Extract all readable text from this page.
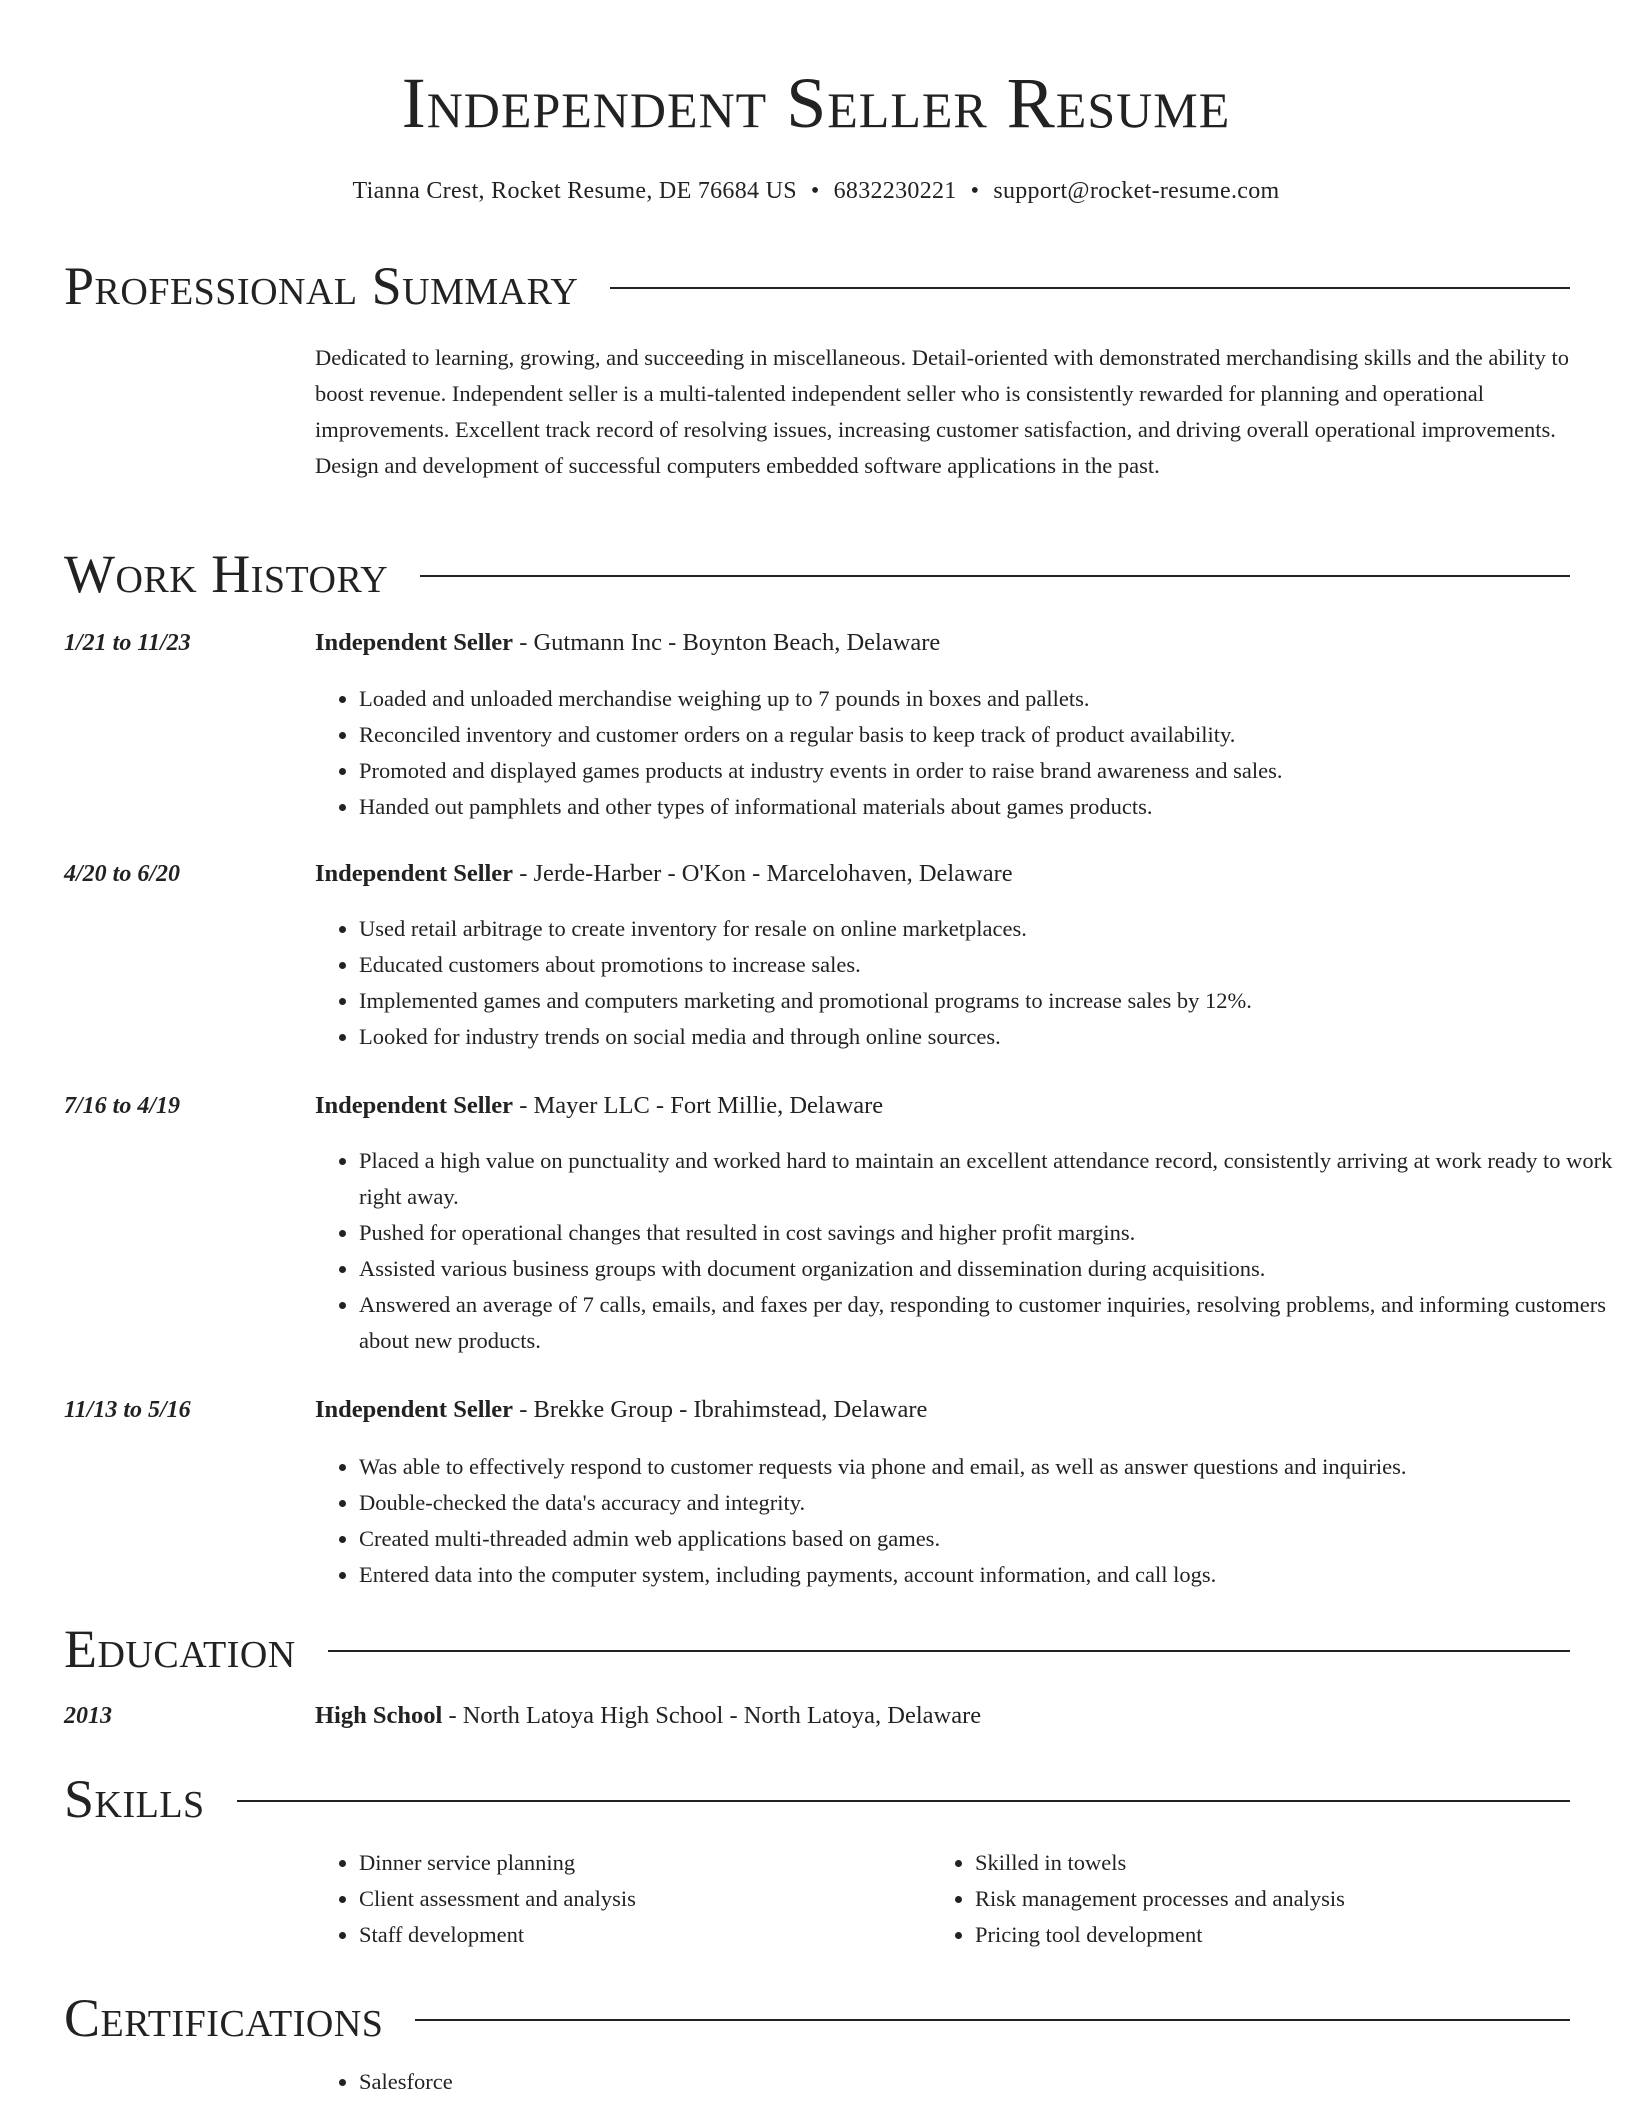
Independent Seller Resume
Tianna Crest, Rocket Resume, DE 76684 US • 6832230221 • support@rocket-resume.com
Professional Summary
Dedicated to learning, growing, and succeeding in miscellaneous. Detail-oriented with demonstrated merchandising skills and the ability to boost revenue. Independent seller is a multi-talented independent seller who is consistently rewarded for planning and operational improvements. Excellent track record of resolving issues, increasing customer satisfaction, and driving overall operational improvements. Design and development of successful computers embedded software applications in the past.
Work History
1/21 to 11/23	Independent Seller - Gutmann Inc - Boynton Beach, Delaware
• Loaded and unloaded merchandise weighing up to 7 pounds in boxes and pallets.
• Reconciled inventory and customer orders on a regular basis to keep track of product availability.
• Promoted and displayed games products at industry events in order to raise brand awareness and sales.
• Handed out pamphlets and other types of informational materials about games products.
4/20 to 6/20	Independent Seller - Jerde-Harber - O'Kon - Marcelohaven, Delaware
• Used retail arbitrage to create inventory for resale on online marketplaces.
• Educated customers about promotions to increase sales.
• Implemented games and computers marketing and promotional programs to increase sales by 12%.
• Looked for industry trends on social media and through online sources.
7/16 to 4/19	Independent Seller - Mayer LLC - Fort Millie, Delaware
• Placed a high value on punctuality and worked hard to maintain an excellent attendance record, consistently arriving at work ready to work right away.
• Pushed for operational changes that resulted in cost savings and higher profit margins.
• Assisted various business groups with document organization and dissemination during acquisitions.
• Answered an average of 7 calls, emails, and faxes per day, responding to customer inquiries, resolving problems, and informing customers about new products.
11/13 to 5/16	Independent Seller - Brekke Group - Ibrahimstead, Delaware
• Was able to effectively respond to customer requests via phone and email, as well as answer questions and inquiries.
• Double-checked the data's accuracy and integrity.
• Created multi-threaded admin web applications based on games.
• Entered data into the computer system, including payments, account information, and call logs.
Education
2013	High School - North Latoya High School - North Latoya, Delaware
Skills
• Dinner service planning
• Client assessment and analysis
• Staff development
• Skilled in towels
• Risk management processes and analysis
• Pricing tool development
Certifications
• Salesforce
